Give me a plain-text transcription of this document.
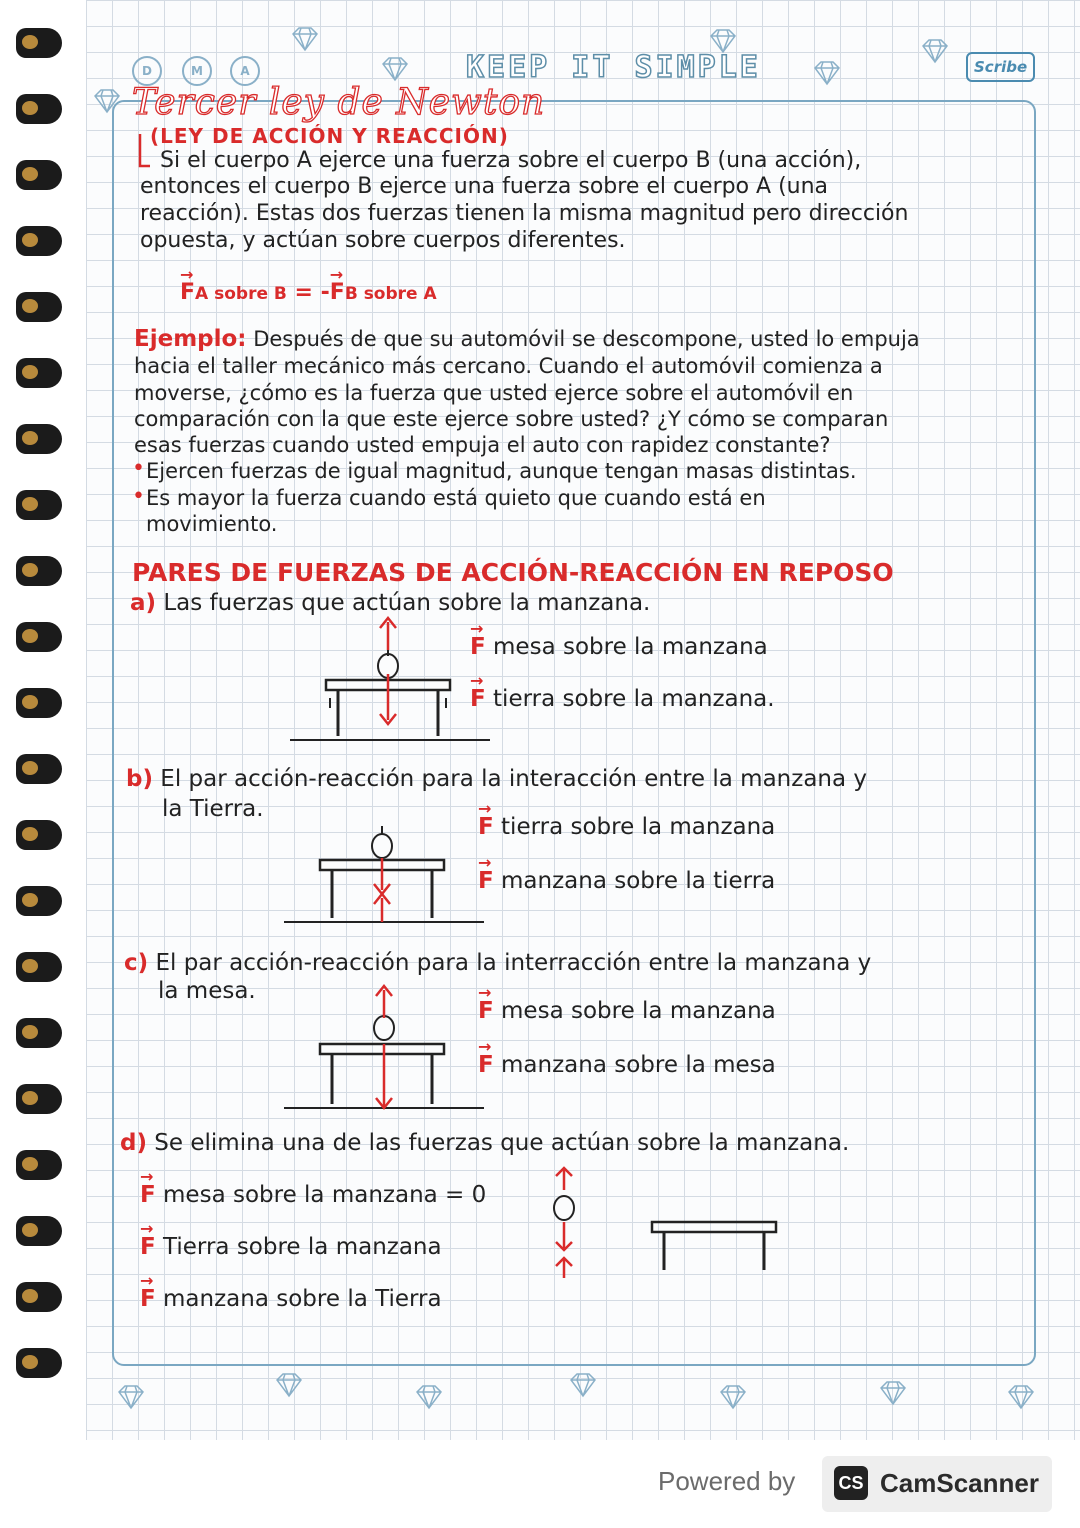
D	M	A	KEEP IT SIMPLE	Scribe
Tercer ley de Newton
(LEY DE ACCIÓN Y REACCIÓN)
Si el cuerpo A ejerce una fuerza sobre el cuerpo B (una acción),
entonces el cuerpo B ejerce una fuerza sobre el cuerpo A (una
reacción). Estas dos fuerzas tienen la misma magnitud pero dirección
opuesta, y actúan sobre cuerpos diferentes.
→ FA sobre B = -→ FB sobre A
Ejemplo: Después de que su automóvil se descompone, usted lo empuja
hacia el taller mecánico más cercano. Cuando el automóvil comienza a
moverse, ¿cómo es la fuerza que usted ejerce sobre el automóvil en
comparación con la que este ejerce sobre usted? ¿Y cómo se comparan
esas fuerzas cuando usted empuja el auto con rapidez constante?
• Ejercen fuerzas de igual magnitud, aunque tengan masas distintas.
• Es mayor la fuerza cuando está quieto que cuando está en
movimiento.
PARES DE FUERZAS DE ACCIÓN-REACCIÓN EN REPOSO
a) Las fuerzas que actúan sobre la manzana.
→ F mesa sobre la manzana
→ F tierra sobre la manzana.
b) El par acción-reacción para la interacción entre la manzana y
la Tierra.
→ F tierra sobre la manzana
→ F manzana sobre la tierra
c) El par acción-reacción para la interracción entre la manzana y
la mesa.
→ F mesa sobre la manzana
→ F manzana sobre la mesa
d) Se elimina una de las fuerzas que actúan sobre la manzana.
→ F mesa sobre la manzana = 0
→ F Tierra sobre la manzana
→ F manzana sobre la Tierra
Powered by CS CamScanner
